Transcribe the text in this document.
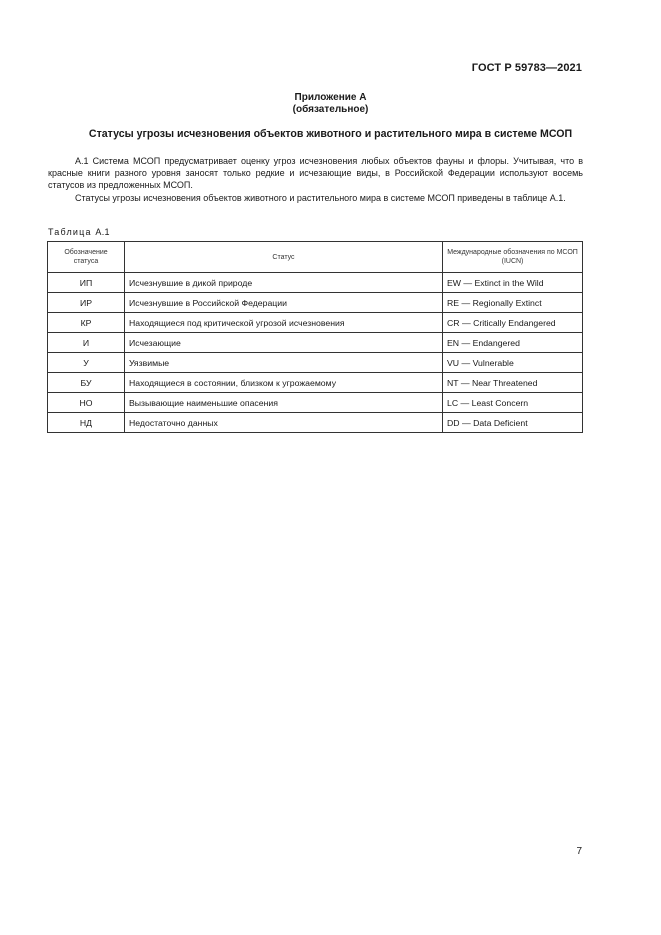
ГОСТ Р 59783—2021
Приложение А
(обязательное)
Статусы угрозы исчезновения объектов животного и растительного мира в системе МСОП

А.1 Система МСОП предусматривает оценку угроз исчезновения любых объектов фауны и флоры. Учитывая, что в красные книги разного уровня заносят только редкие и исчезающие виды, в Российской Федерации используют восемь статусов из предложенных МСОП.

Статусы угрозы исчезновения объектов животного и растительного мира в системе МСОП приведены в таблице А.1.

Таблица А.1
Обозначение статуса	Статус	Международные обозначения по МСОП (IUCN)
ИП	Исчезнувшие в дикой природе	EW — Extinct in the Wild
ИР	Исчезнувшие в Российской Федерации	RE — Regionally Extinct
КР	Находящиеся под критической угрозой исчезновения	CR — Critically Endangered
И	Исчезающие	EN — Endangered
У	Уязвимые	VU — Vulnerable
БУ	Находящиеся в состоянии, близком к угрожаемому	NT — Near Threatened
НО	Вызывающие наименьшие опасения	LC — Least Concern
НД	Недостаточно данных	DD — Data Deficient
7
